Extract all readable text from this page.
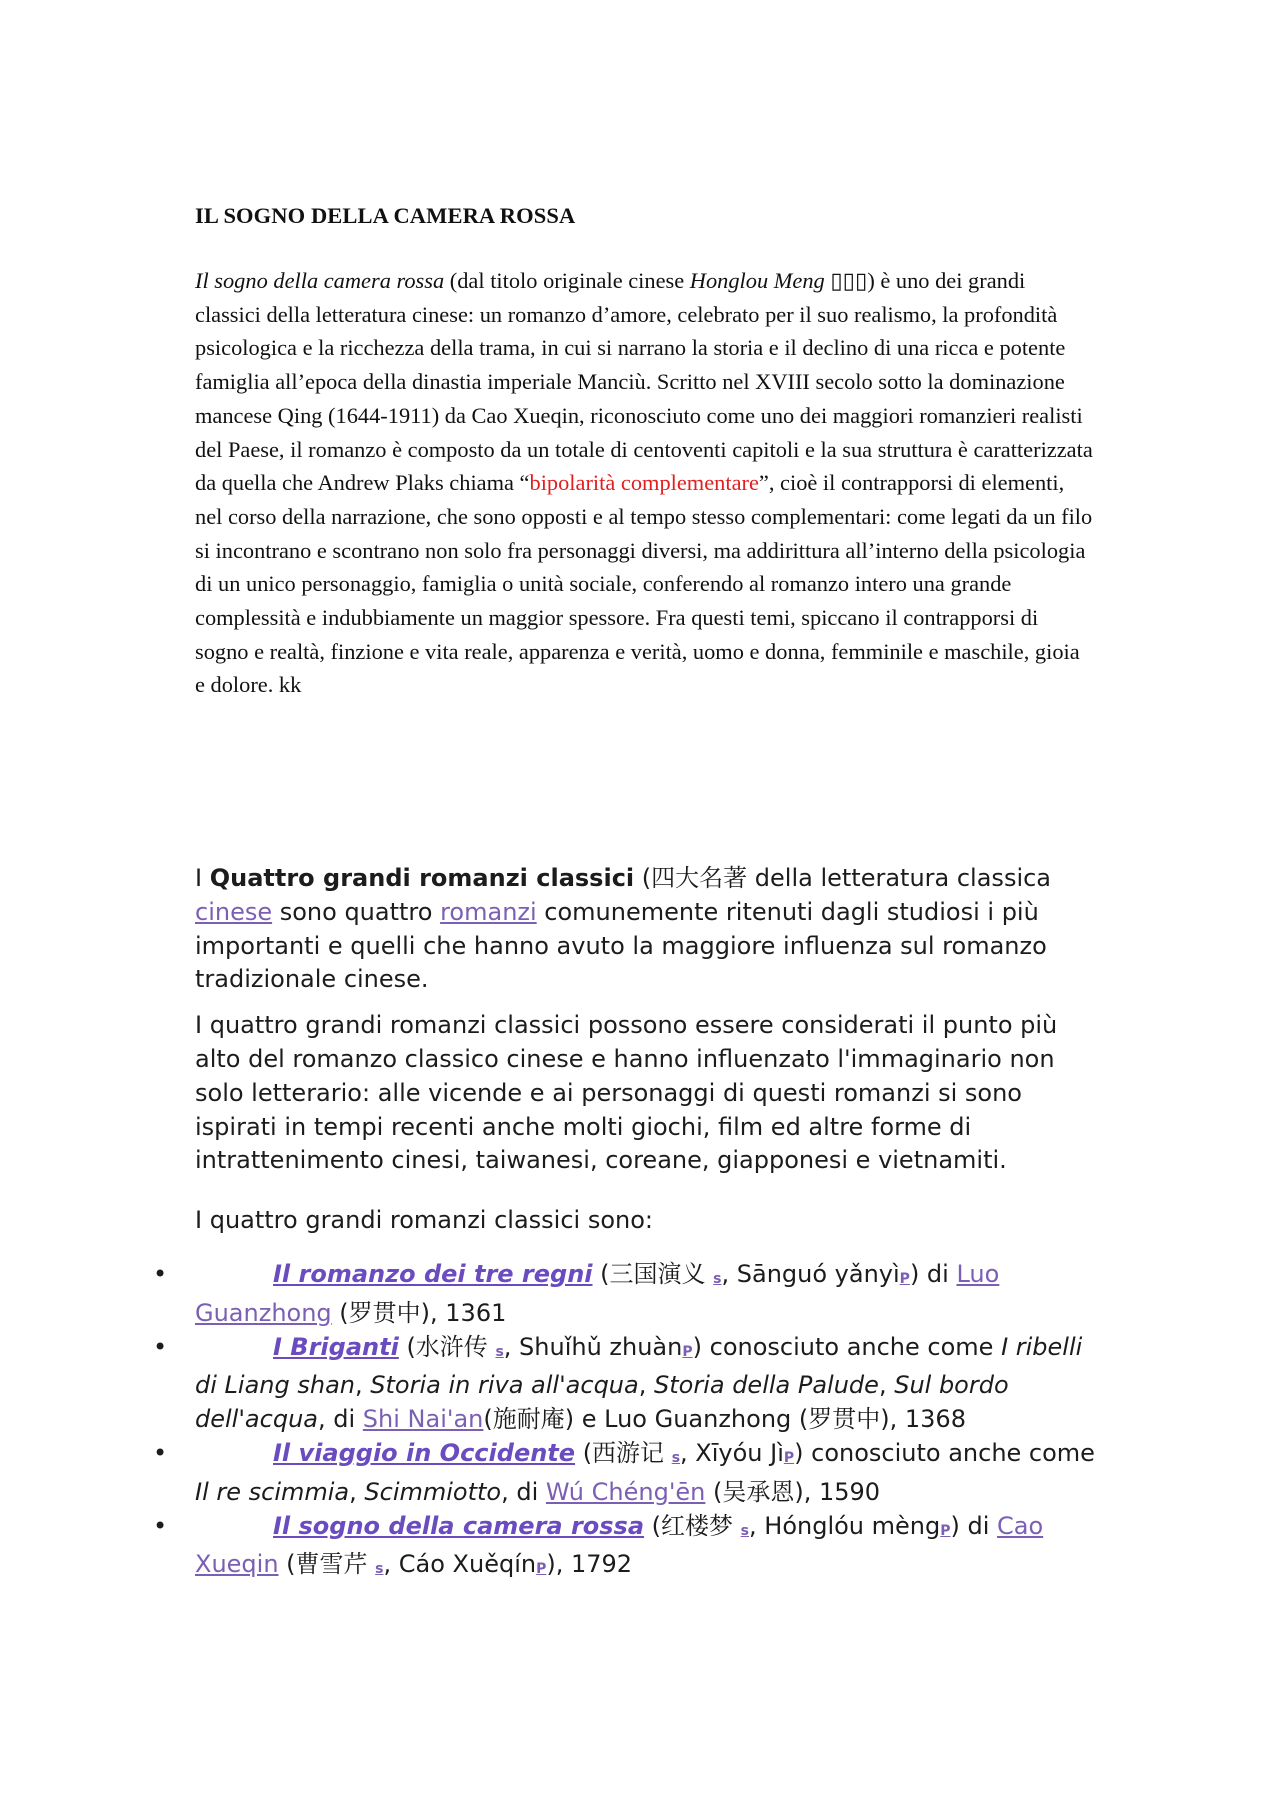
IL SOGNO DELLA CAMERA ROSSA
Il sogno della camera rossa (dal titolo originale cinese Honglou Meng ▯▯▯) è uno dei grandi classici della letteratura cinese: un romanzo d’amore, celebrato per il suo realismo, la profondità psicologica e la ricchezza della trama, in cui si narrano la storia e il declino di una ricca e potente famiglia all’epoca della dinastia imperiale Manciù. Scritto nel XVIII secolo sotto la dominazione mancese Qing (1644-1911) da Cao Xueqin, riconosciuto come uno dei maggiori romanzieri realisti del Paese, il romanzo è composto da un totale di centoventi capitoli e la sua struttura è caratterizzata da quella che Andrew Plaks chiama “bipolarità complementare”, cioè il contrapporsi di elementi, nel corso della narrazione, che sono opposti e al tempo stesso complementari: come legati da un filo si incontrano e scontrano non solo fra personaggi diversi, ma addirittura all’interno della psicologia di un unico personaggio, famiglia o unità sociale, conferendo al romanzo intero una grande complessità e indubbiamente un maggior spessore. Fra questi temi, spiccano il contrapporsi di sogno e realtà, finzione e vita reale, apparenza e verità, uomo e donna, femminile e maschile, gioia e dolore. kk

I Quattro grandi romanzi classici (四大名著 della letteratura classica cinese sono quattro romanzi comunemente ritenuti dagli studiosi i più importanti e quelli che hanno avuto la maggiore influenza sul romanzo tradizionale cinese.

I quattro grandi romanzi classici possono essere considerati il punto più alto del romanzo classico cinese e hanno influenzato l'immaginario non solo letterario: alle vicende e ai personaggi di questi romanzi si sono ispirati in tempi recenti anche molti giochi, film ed altre forme di intrattenimento cinesi, taiwanesi, coreane, giapponesi e vietnamiti.

I quattro grandi romanzi classici sono:

•	Il romanzo dei tre regni (三国演义 s, Sānguó yǎnyìP) di Luo Guanzhong (罗贯中), 1361
•	I Briganti (水浒传 s, Shuǐhǔ zhuànP) conosciuto anche come I ribelli di Liang shan, Storia in riva all'acqua, Storia della Palude, Sul bordo dell'acqua, di Shi Nai'an(施耐庵) e Luo Guanzhong (罗贯中), 1368
•	Il viaggio in Occidente (西游记 s, Xīyóu JìP) conosciuto anche come Il re scimmia, Scimmiotto, di Wú Chéng'ēn (吴承恩), 1590
•	Il sogno della camera rossa (红楼梦 s, Hónglóu mèngP) di Cao Xueqin (曹雪芹 s, Cáo XuěqínP), 1792
